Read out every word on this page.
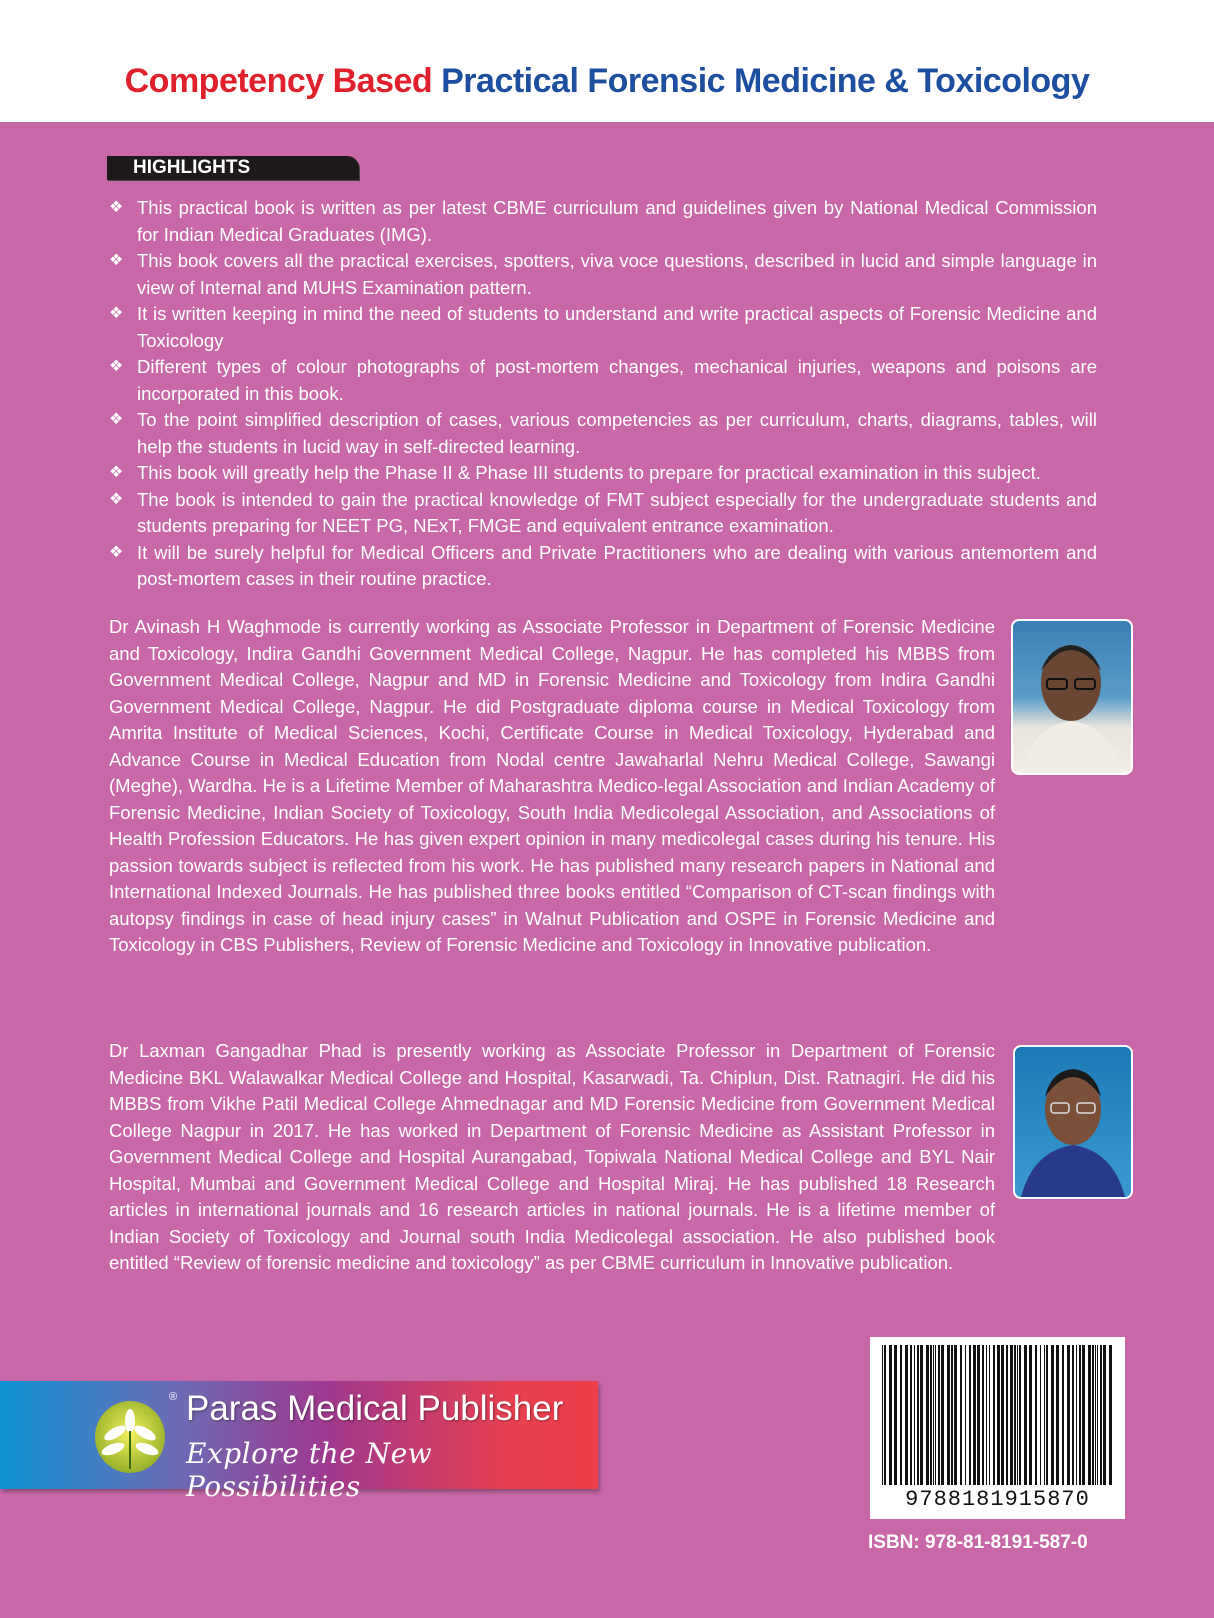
Competency Based Practical Forensic Medicine & Toxicology
HIGHLIGHTS
❖ This practical book is written as per latest CBME curriculum and guidelines given by National Medical Commission for Indian Medical Graduates (IMG).
❖ This book covers all the practical exercises, spotters, viva voce questions, described in lucid and simple language in view of Internal and MUHS Examination pattern.
❖ It is written keeping in mind the need of students to understand and write practical aspects of Forensic Medicine and Toxicology
❖ Different types of colour photographs of post-mortem changes, mechanical injuries, weapons and poisons are incorporated in this book.
❖ To the point simplified description of cases, various competencies as per curriculum, charts, diagrams, tables, will help the students in lucid way in self-directed learning.
❖ This book will greatly help the Phase II & Phase III students to prepare for practical examination in this subject.
❖ The book is intended to gain the practical knowledge of FMT subject especially for the undergraduate students and students preparing for NEET PG, NExT, FMGE and equivalent entrance examination.
❖ It will be surely helpful for Medical Officers and Private Practitioners who are dealing with various antemortem and post-mortem cases in their routine practice.

Dr Avinash H Waghmode is currently working as Associate Professor in Department of Forensic Medicine and Toxicology, Indira Gandhi Government Medical College, Nagpur. He has completed his MBBS from Government Medical College, Nagpur and MD in Forensic Medicine and Toxicology from Indira Gandhi Government Medical College, Nagpur. He did Postgraduate diploma course in Medical Toxicology from Amrita Institute of Medical Sciences, Kochi, Certificate Course in Medical Toxicology, Hyderabad and Advance Course in Medical Education from Nodal centre Jawaharlal Nehru Medical College, Sawangi (Meghe), Wardha. He is a Lifetime Member of Maharashtra Medico-legal Association and Indian Academy of Forensic Medicine, Indian Society of Toxicology, South India Medicolegal Association, and Associations of Health Profession Educators. He has given expert opinion in many medicolegal cases during his tenure. His passion towards subject is reflected from his work. He has published many research papers in National and International Indexed Journals. He has published three books entitled “Comparison of CT-scan findings with autopsy findings in case of head injury cases” in Walnut Publication and OSPE in Forensic Medicine and Toxicology in CBS Publishers, Review of Forensic Medicine and Toxicology in Innovative publication.

Dr Laxman Gangadhar Phad is presently working as Associate Professor in Department of Forensic Medicine BKL Walawalkar Medical College and Hospital, Kasarwadi, Ta. Chiplun, Dist. Ratnagiri. He did his MBBS from Vikhe Patil Medical College Ahmednagar and MD Forensic Medicine from Government Medical College Nagpur in 2017. He has worked in Department of Forensic Medicine as Assistant Professor in Government Medical College and Hospital Aurangabad, Topiwala National Medical College and BYL Nair Hospital, Mumbai and Government Medical College and Hospital Miraj. He has published 18 Research articles in international journals and 16 research articles in national journals. He is a lifetime member of Indian Society of Toxicology and Journal south India Medicolegal association. He also published book entitled “Review of forensic medicine and toxicology” as per CBME curriculum in Innovative publication.

® Paras Medical Publisher
Explore the New Possibilities	9788181915870
ISBN: 978-81-8191-587-0
